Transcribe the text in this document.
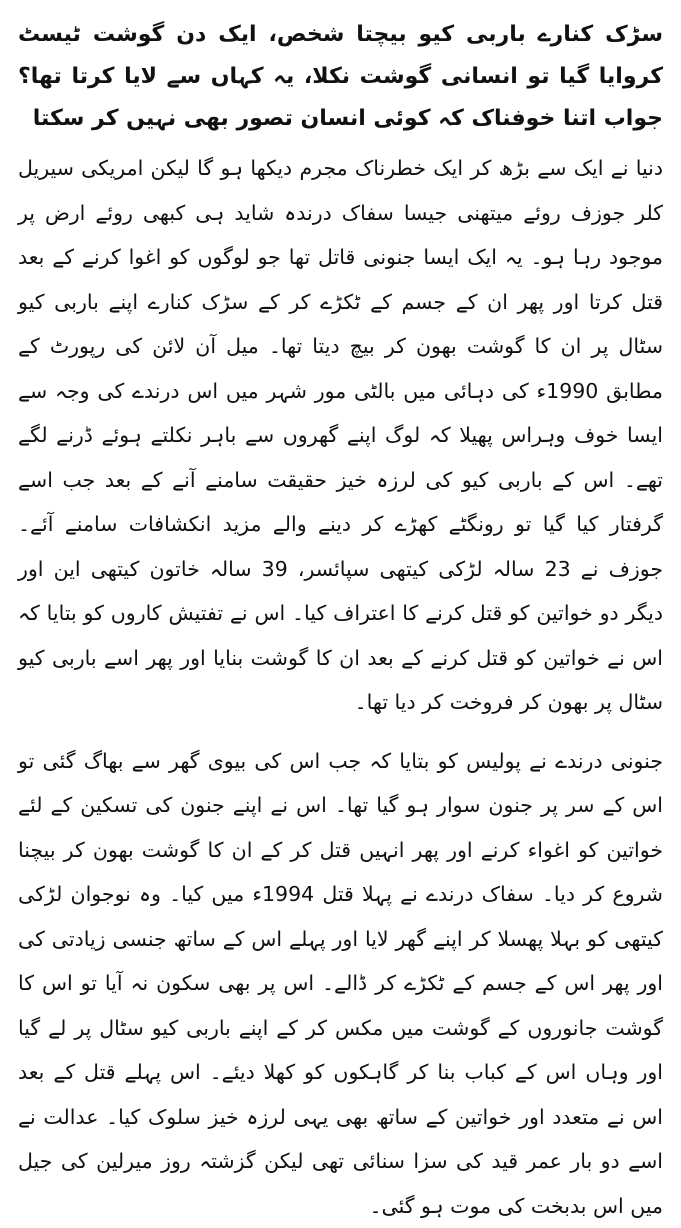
سڑک کنارے باربی کیو بیچتا شخص، ایک دن گوشت ٹیسٹ کروایا گیا تو انسانی گوشت نکلا، یہ کہاں سے لایا کرتا تھا؟ جواب اتنا خوفناک کہ کوئی انسان تصور بھی نہیں کر سکتا

دنیا نے ایک سے بڑھ کر ایک خطرناک مجرم دیکھا ہو گا لیکن امریکی سیریل کلر جوزف روئے میتھنی جیسا سفاک درندہ شاید ہی کبھی روئے ارض پر موجود رہا ہو۔ یہ ایک ایسا جنونی قاتل تھا جو لوگوں کو اغوا کرنے کے بعد قتل کرتا اور پھر ان کے جسم کے ٹکڑے کر کے سڑک کنارے اپنے باربی کیو سٹال پر ان کا گوشت بھون کر بیچ دیتا تھا۔ میل آن لائن کی رپورٹ کے مطابق 1990ء کی دہائی میں بالٹی مور شہر میں اس درندے کی وجہ سے ایسا خوف وہراس پھیلا کہ لوگ اپنے گھروں سے باہر نکلتے ہوئے ڈرنے لگے تھے۔ اس کے باربی کیو کی لرزہ خیز حقیقت سامنے آنے کے بعد جب اسے گرفتار کیا گیا تو رونگٹے کھڑے کر دینے والے مزید انکشافات سامنے آئے۔ جوزف نے 23 سالہ لڑکی کیتھی سپائسر، 39 سالہ خاتون کیتھی این اور دیگر دو خواتین کو قتل کرنے کا اعتراف کیا۔ اس نے تفتیش کاروں کو بتایا کہ اس نے خواتین کو قتل کرنے کے بعد ان کا گوشت بنایا اور پھر اسے باربی کیو سٹال پر بھون کر فروخت کر دیا تھا۔

جنونی درندے نے پولیس کو بتایا کہ جب اس کی بیوی گھر سے بھاگ گئی تو اس کے سر پر جنون سوار ہو گیا تھا۔ اس نے اپنے جنون کی تسکین کے لئے خواتین کو اغواء کرنے اور پھر انہیں قتل کر کے ان کا گوشت بھون کر بیچنا شروع کر دیا۔ سفاک درندے نے پہلا قتل 1994ء میں کیا۔ وہ نوجوان لڑکی کیتھی کو بہلا پھسلا کر اپنے گھر لایا اور پہلے اس کے ساتھ جنسی زیادتی کی اور پھر اس کے جسم کے ٹکڑے کر ڈالے۔ اس پر بھی سکون نہ آیا تو اس کا گوشت جانوروں کے گوشت میں مکس کر کے اپنے باربی کیو سٹال پر لے گیا اور وہاں اس کے کباب بنا کر گاہکوں کو کھلا دیئے۔ اس پہلے قتل کے بعد اس نے متعدد اور خواتین کے ساتھ بھی یہی لرزہ خیز سلوک کیا۔ عدالت نے اسے دو بار عمر قید کی سزا سنائی تھی لیکن گزشتہ روز میرلین کی جیل میں اس بدبخت کی موت ہو گئی۔
